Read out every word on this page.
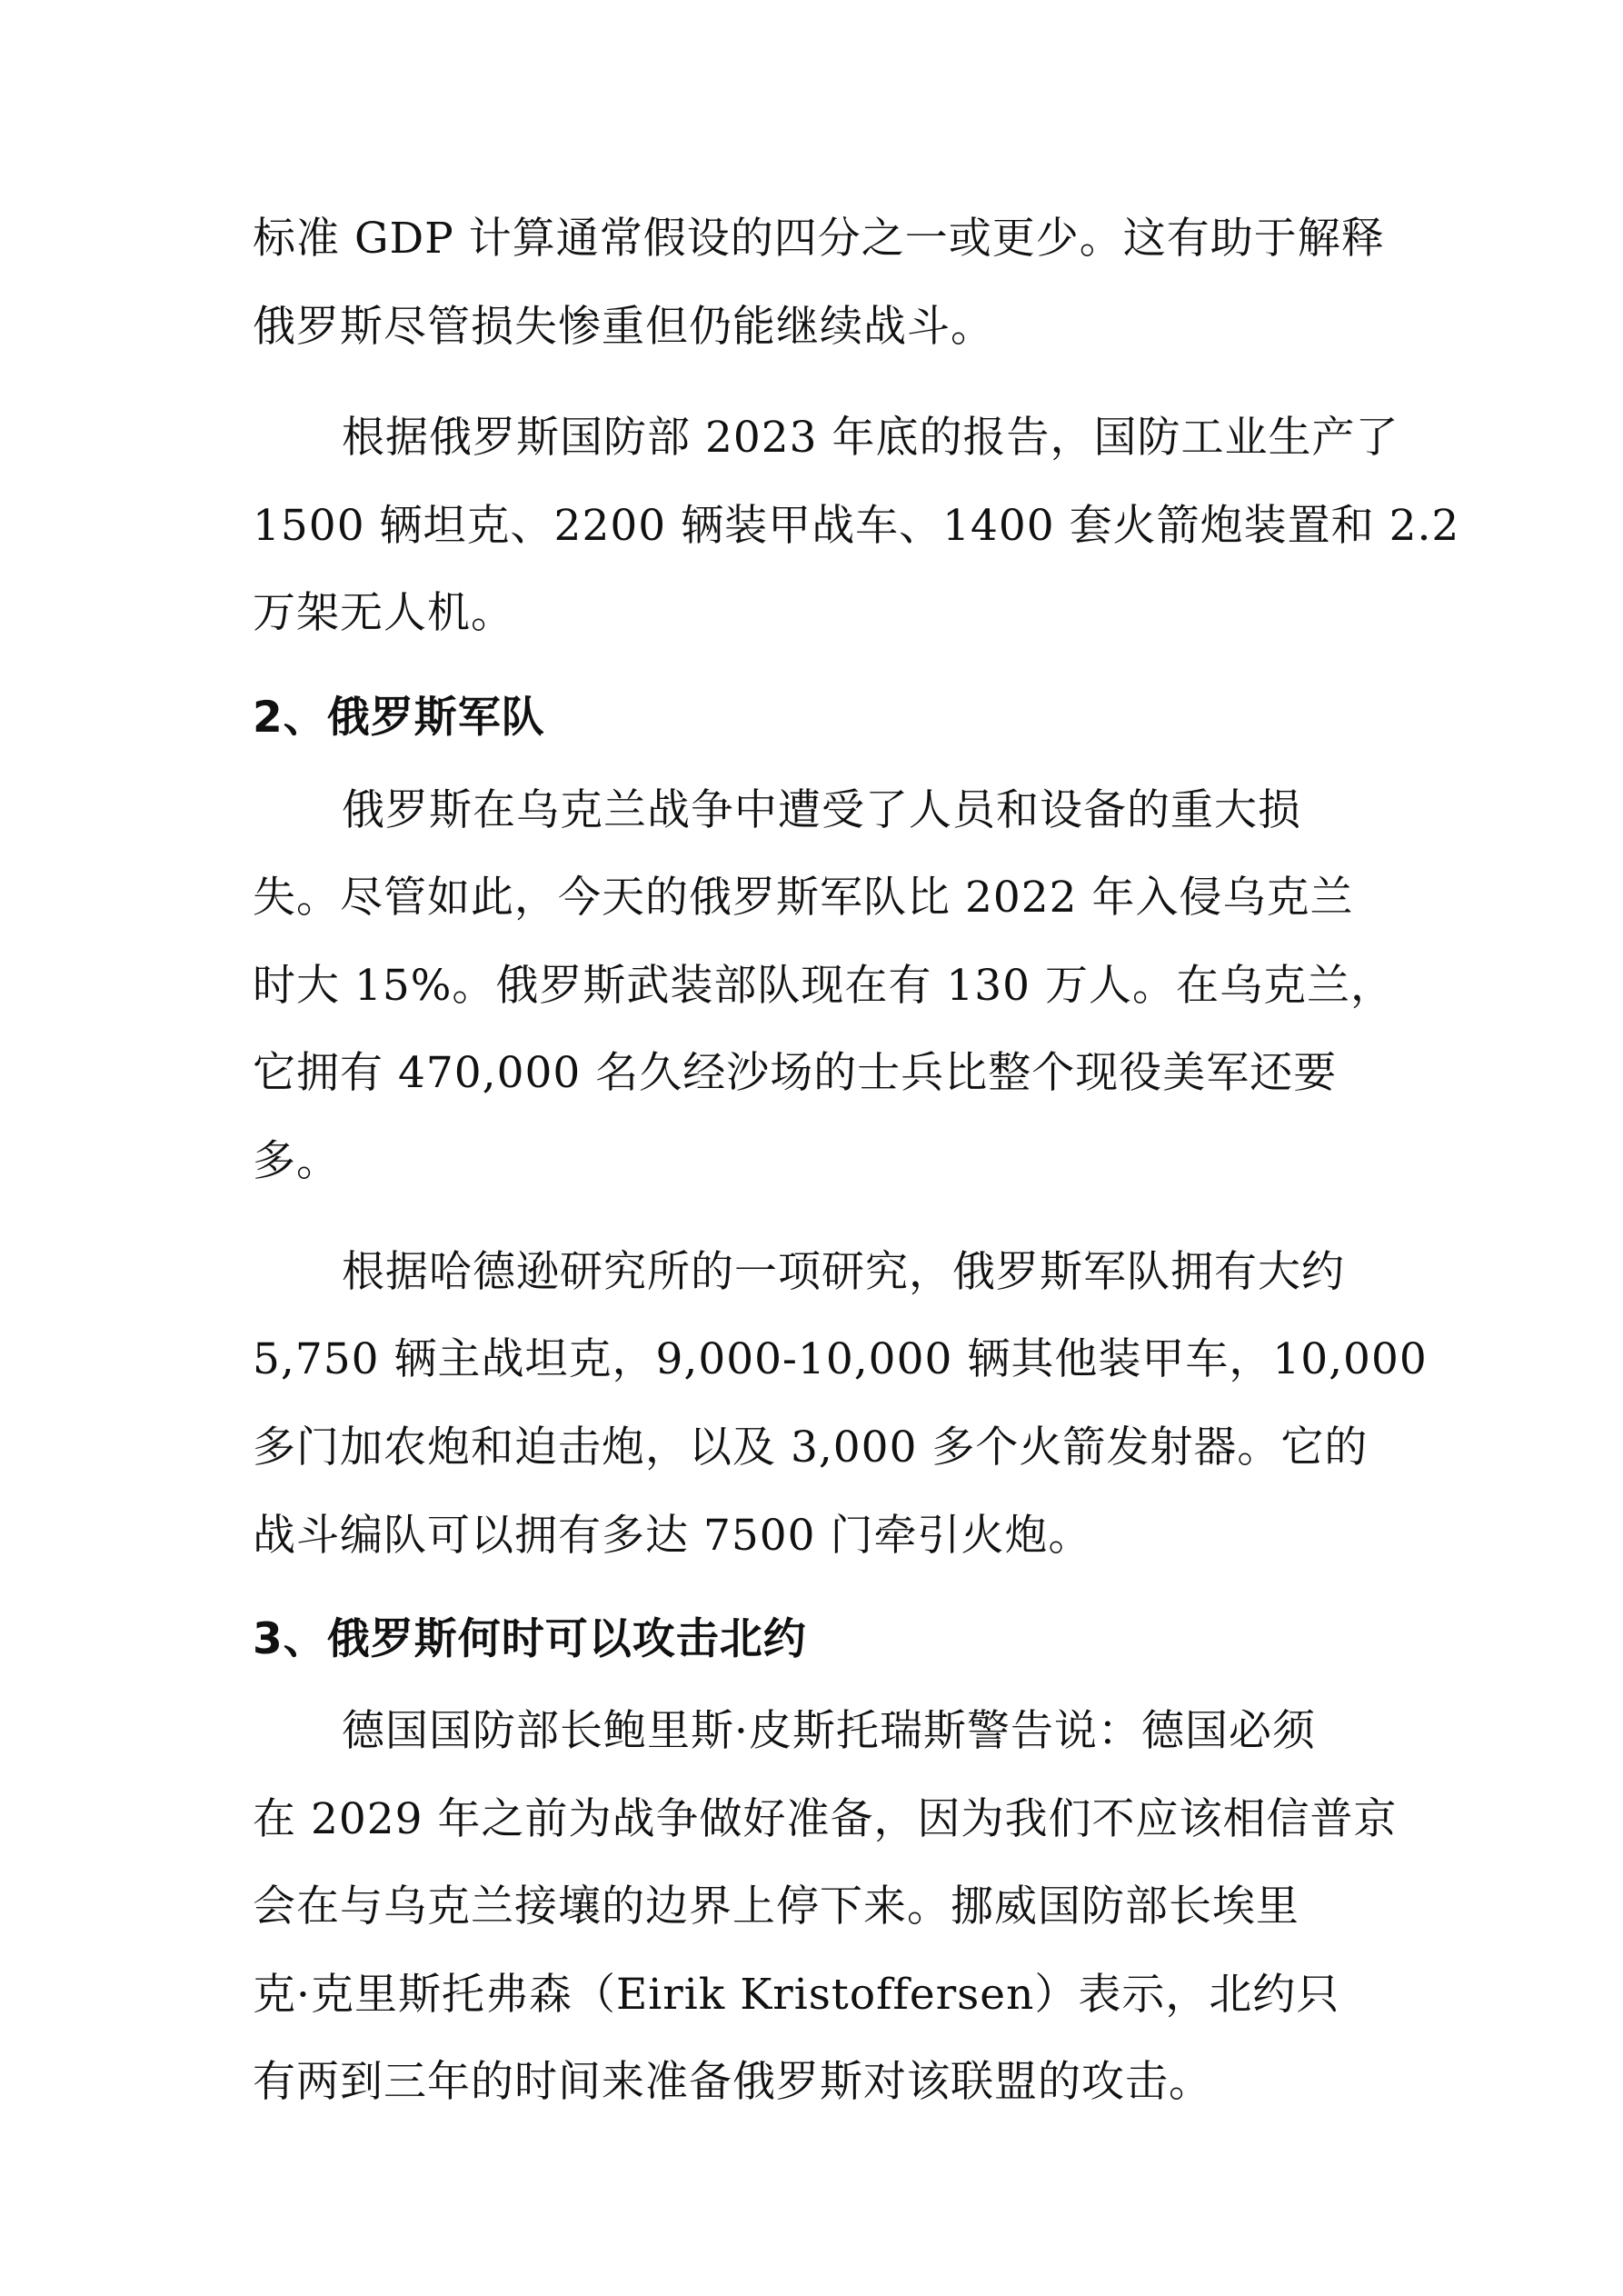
标准 GDP 计算通常假设的四分之一或更少。这有助于解释
俄罗斯尽管损失惨重但仍能继续战斗。
根据俄罗斯国防部 2023 年底的报告，国防工业生产了
1500 辆坦克、2200 辆装甲战车、1400 套火箭炮装置和 2.2
万架无人机。
2、俄罗斯军队
俄罗斯在乌克兰战争中遭受了人员和设备的重大损
失。尽管如此，今天的俄罗斯军队比 2022 年入侵乌克兰
时大 15%。俄罗斯武装部队现在有 130 万人。在乌克兰，
它拥有 470,000 名久经沙场的士兵比整个现役美军还要
多。
根据哈德逊研究所的一项研究，俄罗斯军队拥有大约
5,750 辆主战坦克，9,000-10,000 辆其他装甲车，10,000
多门加农炮和迫击炮，以及 3,000 多个火箭发射器。它的
战斗编队可以拥有多达 7500 门牵引火炮。
3、俄罗斯何时可以攻击北约
德国国防部长鲍里斯·皮斯托瑞斯警告说：德国必须
在 2029 年之前为战争做好准备，因为我们不应该相信普京
会在与乌克兰接壤的边界上停下来。挪威国防部长埃里
克·克里斯托弗森（Eirik Kristoffersen）表示，北约只
有两到三年的时间来准备俄罗斯对该联盟的攻击。
